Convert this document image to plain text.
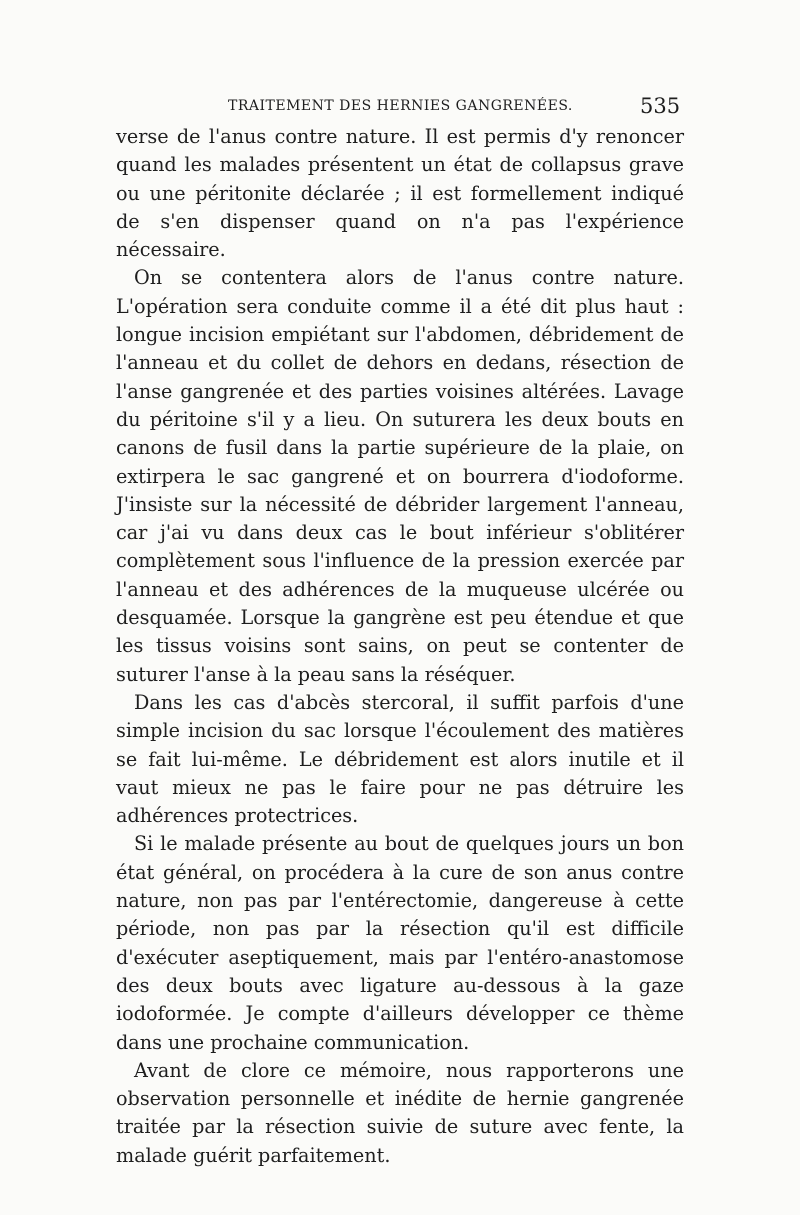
TRAITEMENT DES HERNIES GANGRENÉES.	535

verse de l'anus contre nature. Il est permis d'y renoncer quand les malades présentent un état de collapsus grave ou une péritonite déclarée ; il est formellement indiqué de s'en dispenser quand on n'a pas l'expérience nécessaire.

On se contentera alors de l'anus contre nature. L'opération sera conduite comme il a été dit plus haut : longue incision empiétant sur l'abdomen, débridement de l'anneau et du collet de dehors en dedans, résection de l'anse gangrenée et des parties voisines altérées. Lavage du péritoine s'il y a lieu. On suturera les deux bouts en canons de fusil dans la partie supérieure de la plaie, on extirpera le sac gangrené et on bourrera d'iodoforme. J'insiste sur la nécessité de débrider largement l'anneau, car j'ai vu dans deux cas le bout inférieur s'oblitérer complètement sous l'influence de la pression exercée par l'anneau et des adhérences de la muqueuse ulcérée ou desquamée. Lorsque la gangrène est peu étendue et que les tissus voisins sont sains, on peut se contenter de suturer l'anse à la peau sans la réséquer.

Dans les cas d'abcès stercoral, il suffit parfois d'une simple incision du sac lorsque l'écoulement des matières se fait lui-même. Le débridement est alors inutile et il vaut mieux ne pas le faire pour ne pas détruire les adhérences protectrices.

Si le malade présente au bout de quelques jours un bon état général, on procédera à la cure de son anus contre nature, non pas par l'entérectomie, dangereuse à cette période, non pas par la résection qu'il est difficile d'exécuter aseptiquement, mais par l'entéro-anastomose des deux bouts avec ligature au-dessous à la gaze iodoformée. Je compte d'ailleurs développer ce thème dans une prochaine communication.

Avant de clore ce mémoire, nous rapporterons une observation personnelle et inédite de hernie gangrenée traitée par la résection suivie de suture avec fente, la malade guérit parfaitement.
